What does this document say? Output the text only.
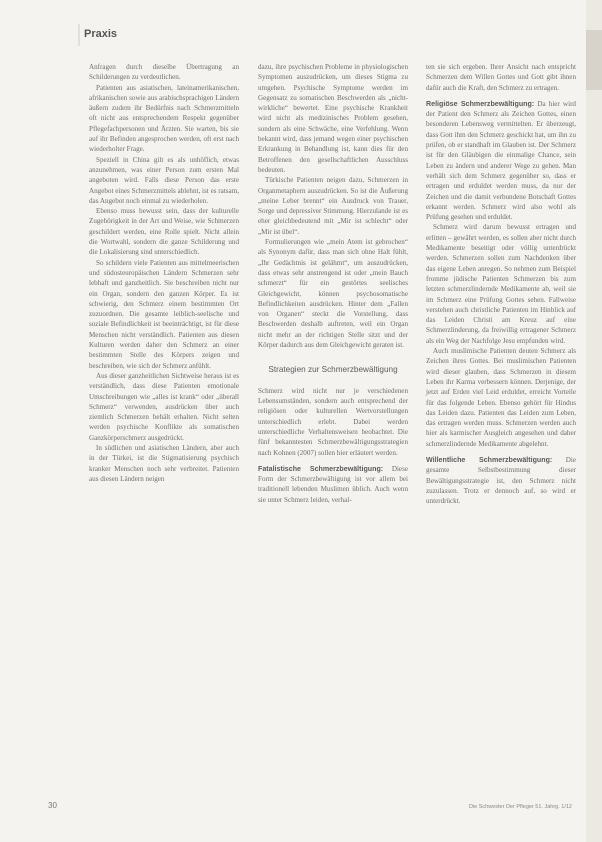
Praxis

Anfragen durch dieselbe Übertragung an Schilderungen zu verdeutlichen.

Patienten aus asiatischen, lateinamerikanischen, afrikanischen sowie aus arabischsprachigen Ländern äußern zudem ihr Bedürfnis nach Schmerzmitteln oft nicht aus entsprechendem Respekt gegenüber Pflegefachpersonen und Ärzten. Sie warten, bis sie auf ihr Befinden angesprochen werden, oft erst nach wiederholter Frage.

Speziell in China gilt es als unhöflich, etwas anzunehmen, was einer Person zum ersten Mal angeboten wird. Falls diese Person das erste Angebot eines Schmerzmittels ablehnt, ist es ratsam, das Angebot noch einmal zu wiederholen.

Ebenso muss bewusst sein, dass der kulturelle Zugehörigkeit in der Art und Weise, wie Schmerzen geschildert werden, eine Rolle spielt. Nicht allein die Wortwahl, sondern die ganze Schilderung und die Lokalisierung sind unterschiedlich.

So schildern viele Patienten aus mittelmeerischen und südosteuropäischen Ländern Schmerzen sehr lebhaft und ganzheitlich. Sie beschreiben nicht nur ein Organ, sondern den ganzen Körper. Es ist schwierig, den Schmerz einem bestimmten Ort zuzuordnen. Die gesamte leiblich-seelische und soziale Befindlichkeit ist beeinträchtigt, ist für diese Menschen nicht verständlich. Patienten aus diesen Kulturen werden daher den Schmerz an einer bestimmten Stelle des Körpers zeigen und beschreiben, wie sich der Schmerz anfühlt.

Aus dieser ganzheitlichen Sichtweise heraus ist es verständlich, dass diese Patienten emotionale Umschreibungen wie „alles ist krank“ oder „überall Schmerz“ verwenden, ausdrücken über auch ziemlich Schmerzen behält erhalten. Nicht selten werden psychische Konflikte als somatischen Ganzkörperschmerz ausgedrückt.

In südlichen und asiatischen Ländern, aber auch in der Türkei, ist die Stigmatisierung psychisch kranker Menschen noch sehr verbreitet. Patienten aus diesen Ländern neigen

dazu, ihre psychischen Probleme in physiologischen Symptomen auszudrücken, um dieses Stigma zu umgehen. Psychische Symptome werden im Gegensatz zu somatischen Beschwerden als „nicht-wirkliche“ bewertet. Eine psychische Krankheit wird nicht als medizinisches Problem gesehen, sondern als eine Schwäche, eine Verfehlung. Wenn bekannt wird, dass jemand wegen einer psychischen Erkrankung in Behandlung ist, kann dies für den Betroffenen den gesellschaftlichen Ausschluss bedeuten.

Türkische Patienten neigen dazu, Schmerzen in Organmetaphern auszudrücken. So ist die Äußerung „meine Leber brennt“ ein Ausdruck von Trauer, Sorge und depressiver Stimmung. Hierzulande ist es eher gleichbedeutend mit „Mir ist schlecht“ oder „Mir ist übel“.

Formulierungen wie „mein Atem ist gebrochen“ als Synonym dafür, dass man sich ohne Halt fühlt, „Ihr Gedächtnis ist gelähmt“, um auszudrücken, dass etwas sehr anstrengend ist oder „mein Bauch schmerzt“ für ein gestörtes seelisches Gleichgewicht, können psychosomatische Befindlichkeiten ausdrücken. Hinter dem „Fallen von Organen“ steckt die Vorstellung, dass Beschwerden deshalb auftreten, weil ein Organ nicht mehr an der richtigen Stelle sitzt und der Körper dadurch aus dem Gleichgewicht geraten ist.

Strategien zur Schmerzbewältigung

Schmerz wird nicht nur je verschiedenen Lebensumständen, sondern auch entsprechend der religiösen oder kulturellen Wertvorstellungen unterschiedlich erlebt. Dabei werden unterschiedliche Verhaltensweisen beobachtet. Die fünf bekanntesten Schmerzbewältigungsstrategien nach Kohnen (2007) sollen hier erläutert werden.

Fatalistische Schmerzbewältigung: Diese Form der Schmerzbewältigung ist vor allem bei traditionell lebenden Muslimen üblich. Auch wenn sie unter Schmerz leiden, verhal-

ten sie sich ergeben. Ihrer Ansicht nach entspricht Schmerzen dem Willen Gottes und Gott gibt ihnen dafür auch die Kraft, den Schmerz zu ertragen.

Religiöse Schmerzbewältigung: Da hier wird der Patient den Schmerz als Zeichen Gottes, einen besonderen Lebensweg vermittelten. Er überzeugt, dass Gott ihm den Schmerz geschickt hat, um ihn zu prüfen, ob er standhaft im Glauben ist. Der Schmerz ist für den Gläubigen die einmalige Chance, sein Leben zu ändern und anderer Wege zu gehen. Man verhält sich dem Schmerz gegenüber so, dass er ertragen und erduldet werden muss, da nur der Zeichen und die damit verbundene Botschaft Gottes erkannt werden. Schmerz wird also wohl als Prüfung gesehen und erduldet.

Schmerz wird darum bewusst ertragen und erlitten – gewährt werden, es sollen aber nicht durch Medikamente beseitigt oder völlig unterdrückt werden. Schmerzen sollen zum Nachdenken über das eigene Leben anregen. So nehmen zum Beispiel fromme jüdische Patienten Schmerzen bis zum letzten schmerzlindernde Medikamente ab, weil sie im Schmerz eine Prüfung Gottes sehen. Fallweise verstehen auch christliche Patienten im Hinblick auf das Leiden Christi am Kreuz auf eine Schmerzlinderung, da freiwillig ertragener Schmerz als ein Weg der Nachfolge Jesu empfunden wird.

Auch muslimische Patienten deuten Schmerz als Zeichen ihres Gottes. Bei muslimischen Patienten wird dieser glauben, dass Schmerzen in diesem Leben ihr Karma verbessern können. Derjenige, der jetzt auf Erden viel Leid erduldet, erreicht Vorteile für das folgende Leben. Ebenso gehört für Hindus das Leiden dazu. Patienten das Leiden zum Leben, das ertragen werden muss. Schmerzen werden auch hier als karmischer Ausgleich angesehen und daher schmerzlindernde Medikamente abgelehnt.

Willentliche Schmerzbewältigung: Die gesamte Selbstbestimmung dieser Bewältigungsstrategie ist, den Schmerz nicht zuzulassen. Trotz er dennoch auf, so wird er unterdrückt.

30	Die Schwester Der Pfleger 51. Jahrg. 1/12
